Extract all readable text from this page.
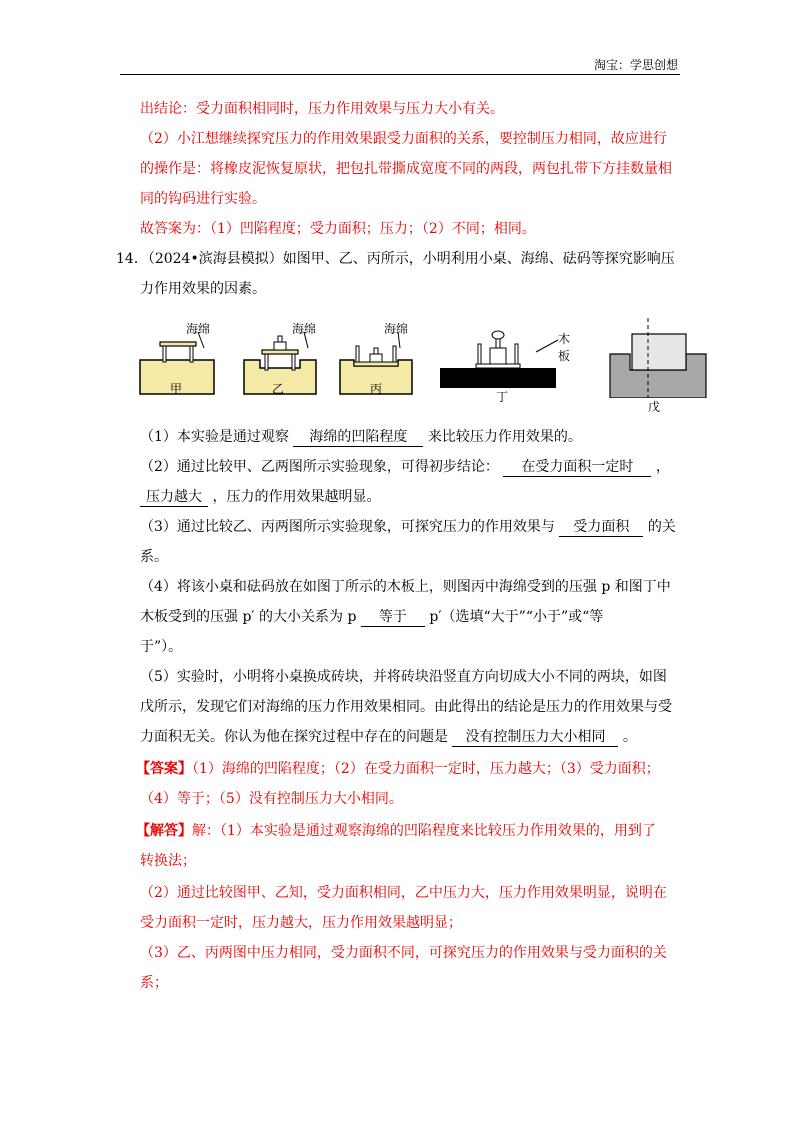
淘宝：学思创想
出结论：受力面积相同时，压力作用效果与压力大小有关。
（2）小江想继续探究压力的作用效果跟受力面积的关系，要控制压力相同，故应进行
的操作是：将橡皮泥恢复原状，把包扎带撕成宽度不同的两段，两包扎带下方挂数量相
同的钩码进行实验。
故答案为：（1）凹陷程度；受力面积；压力；（2）不同；相同。
14．（2024•滨海县模拟）如图甲、乙、丙所示，小明利用小桌、海绵、砝码等探究影响压
力作用效果的因素。
海绵
甲
海绵
乙
海绵
丙
木板
丁
戊
（1）本实验是通过观察 海绵的凹陷程度 来比较压力作用效果的。
（2）通过比较甲、乙两图所示实验现象，可得初步结论： 在受力面积一定时 ，
压力越大 ，压力的作用效果越明显。
（3）通过比较乙、丙两图所示实验现象，可探究压力的作用效果与 受力面积 的关
系。
（4）将该小桌和砝码放在如图丁所示的木板上，则图丙中海绵受到的压强 p 和图丁中
木板受到的压强 p′ 的大小关系为 p 等于 p′（选填“大于”“小于”或“等
于”）。
（5）实验时，小明将小桌换成砖块，并将砖块沿竖直方向切成大小不同的两块，如图
戊所示，发现它们对海绵的压力作用效果相同。由此得出的结论是压力的作用效果与受
力面积无关。你认为他在探究过程中存在的问题是 没有控制压力大小相同 。
【答案】（1）海绵的凹陷程度；（2）在受力面积一定时，压力越大；（3）受力面积；
（4）等于；（5）没有控制压力大小相同。
【解答】解：（1）本实验是通过观察海绵的凹陷程度来比较压力作用效果的，用到了
转换法；
（2）通过比较图甲、乙知，受力面积相同，乙中压力大，压力作用效果明显，说明在
受力面积一定时，压力越大，压力作用效果越明显；
（3）乙、丙两图中压力相同，受力面积不同，可探究压力的作用效果与受力面积的关
系；
